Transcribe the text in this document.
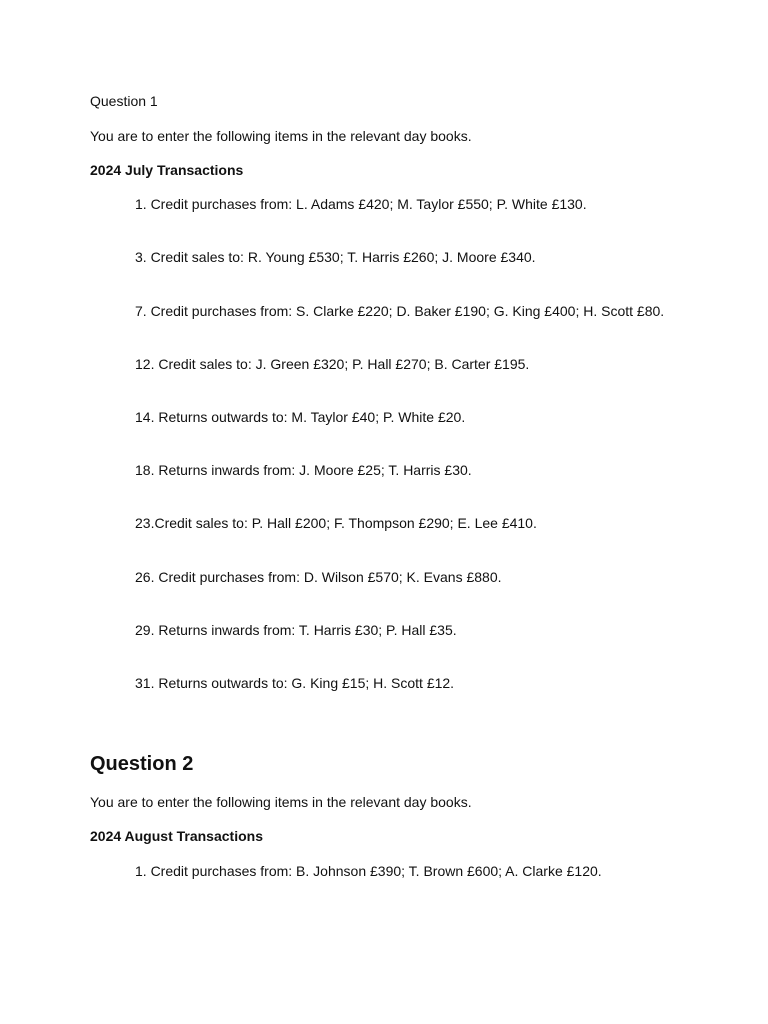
Question 1
You are to enter the following items in the relevant day books.
2024 July Transactions
1. Credit purchases from: L. Adams £420; M. Taylor £550; P. White £130.
3. Credit sales to: R. Young £530; T. Harris £260; J. Moore £340.
7. Credit purchases from: S. Clarke £220; D. Baker £190; G. King £400; H. Scott £80.
12. Credit sales to: J. Green £320; P. Hall £270; B. Carter £195.
14. Returns outwards to: M. Taylor £40; P. White £20.
18. Returns inwards from: J. Moore £25; T. Harris £30.
23.Credit sales to: P. Hall £200; F. Thompson £290; E. Lee £410.
26. Credit purchases from: D. Wilson £570; K. Evans £880.
29. Returns inwards from: T. Harris £30; P. Hall £35.
31. Returns outwards to: G. King £15; H. Scott £12.
Question 2
You are to enter the following items in the relevant day books.
2024 August Transactions
1. Credit purchases from: B. Johnson £390; T. Brown £600; A. Clarke £120.
